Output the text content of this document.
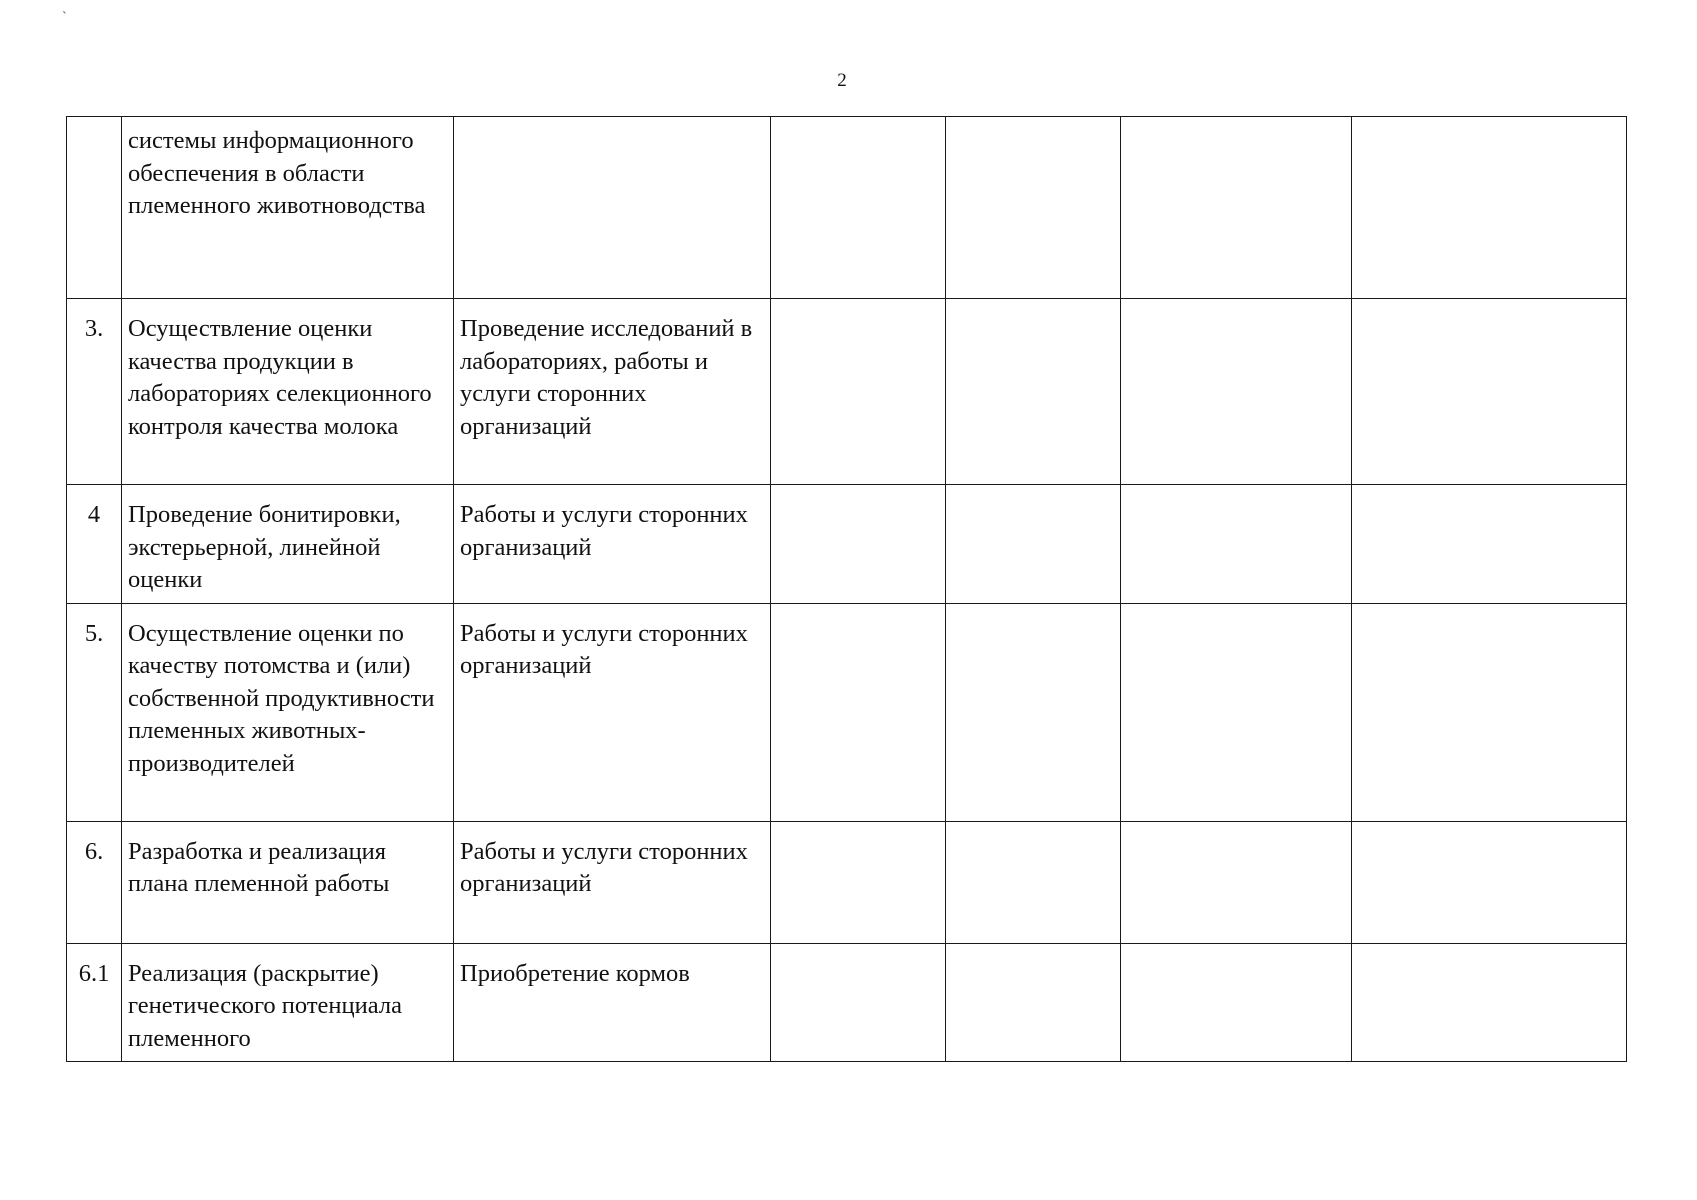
`
2
	системы информационного обеспечения в области племенного животноводства					
3.	Осуществление оценки качества продукции в лабораториях селекционного контроля качества молока	Проведение исследований в лабораториях, работы и услуги сторонних организаций				
4	Проведение бонитировки, экстерьерной, линейной оценки	Работы и услуги сторонних организаций				
5.	Осуществление оценки по качеству потомства и (или) собственной продуктивности племенных животных-производителей	Работы и услуги сторонних организаций				
6.	Разработка и реализация плана племенной работы	Работы и услуги сторонних организаций				
6.1	Реализация (раскрытие) генетического потенциала племенного	Приобретение кормов				
